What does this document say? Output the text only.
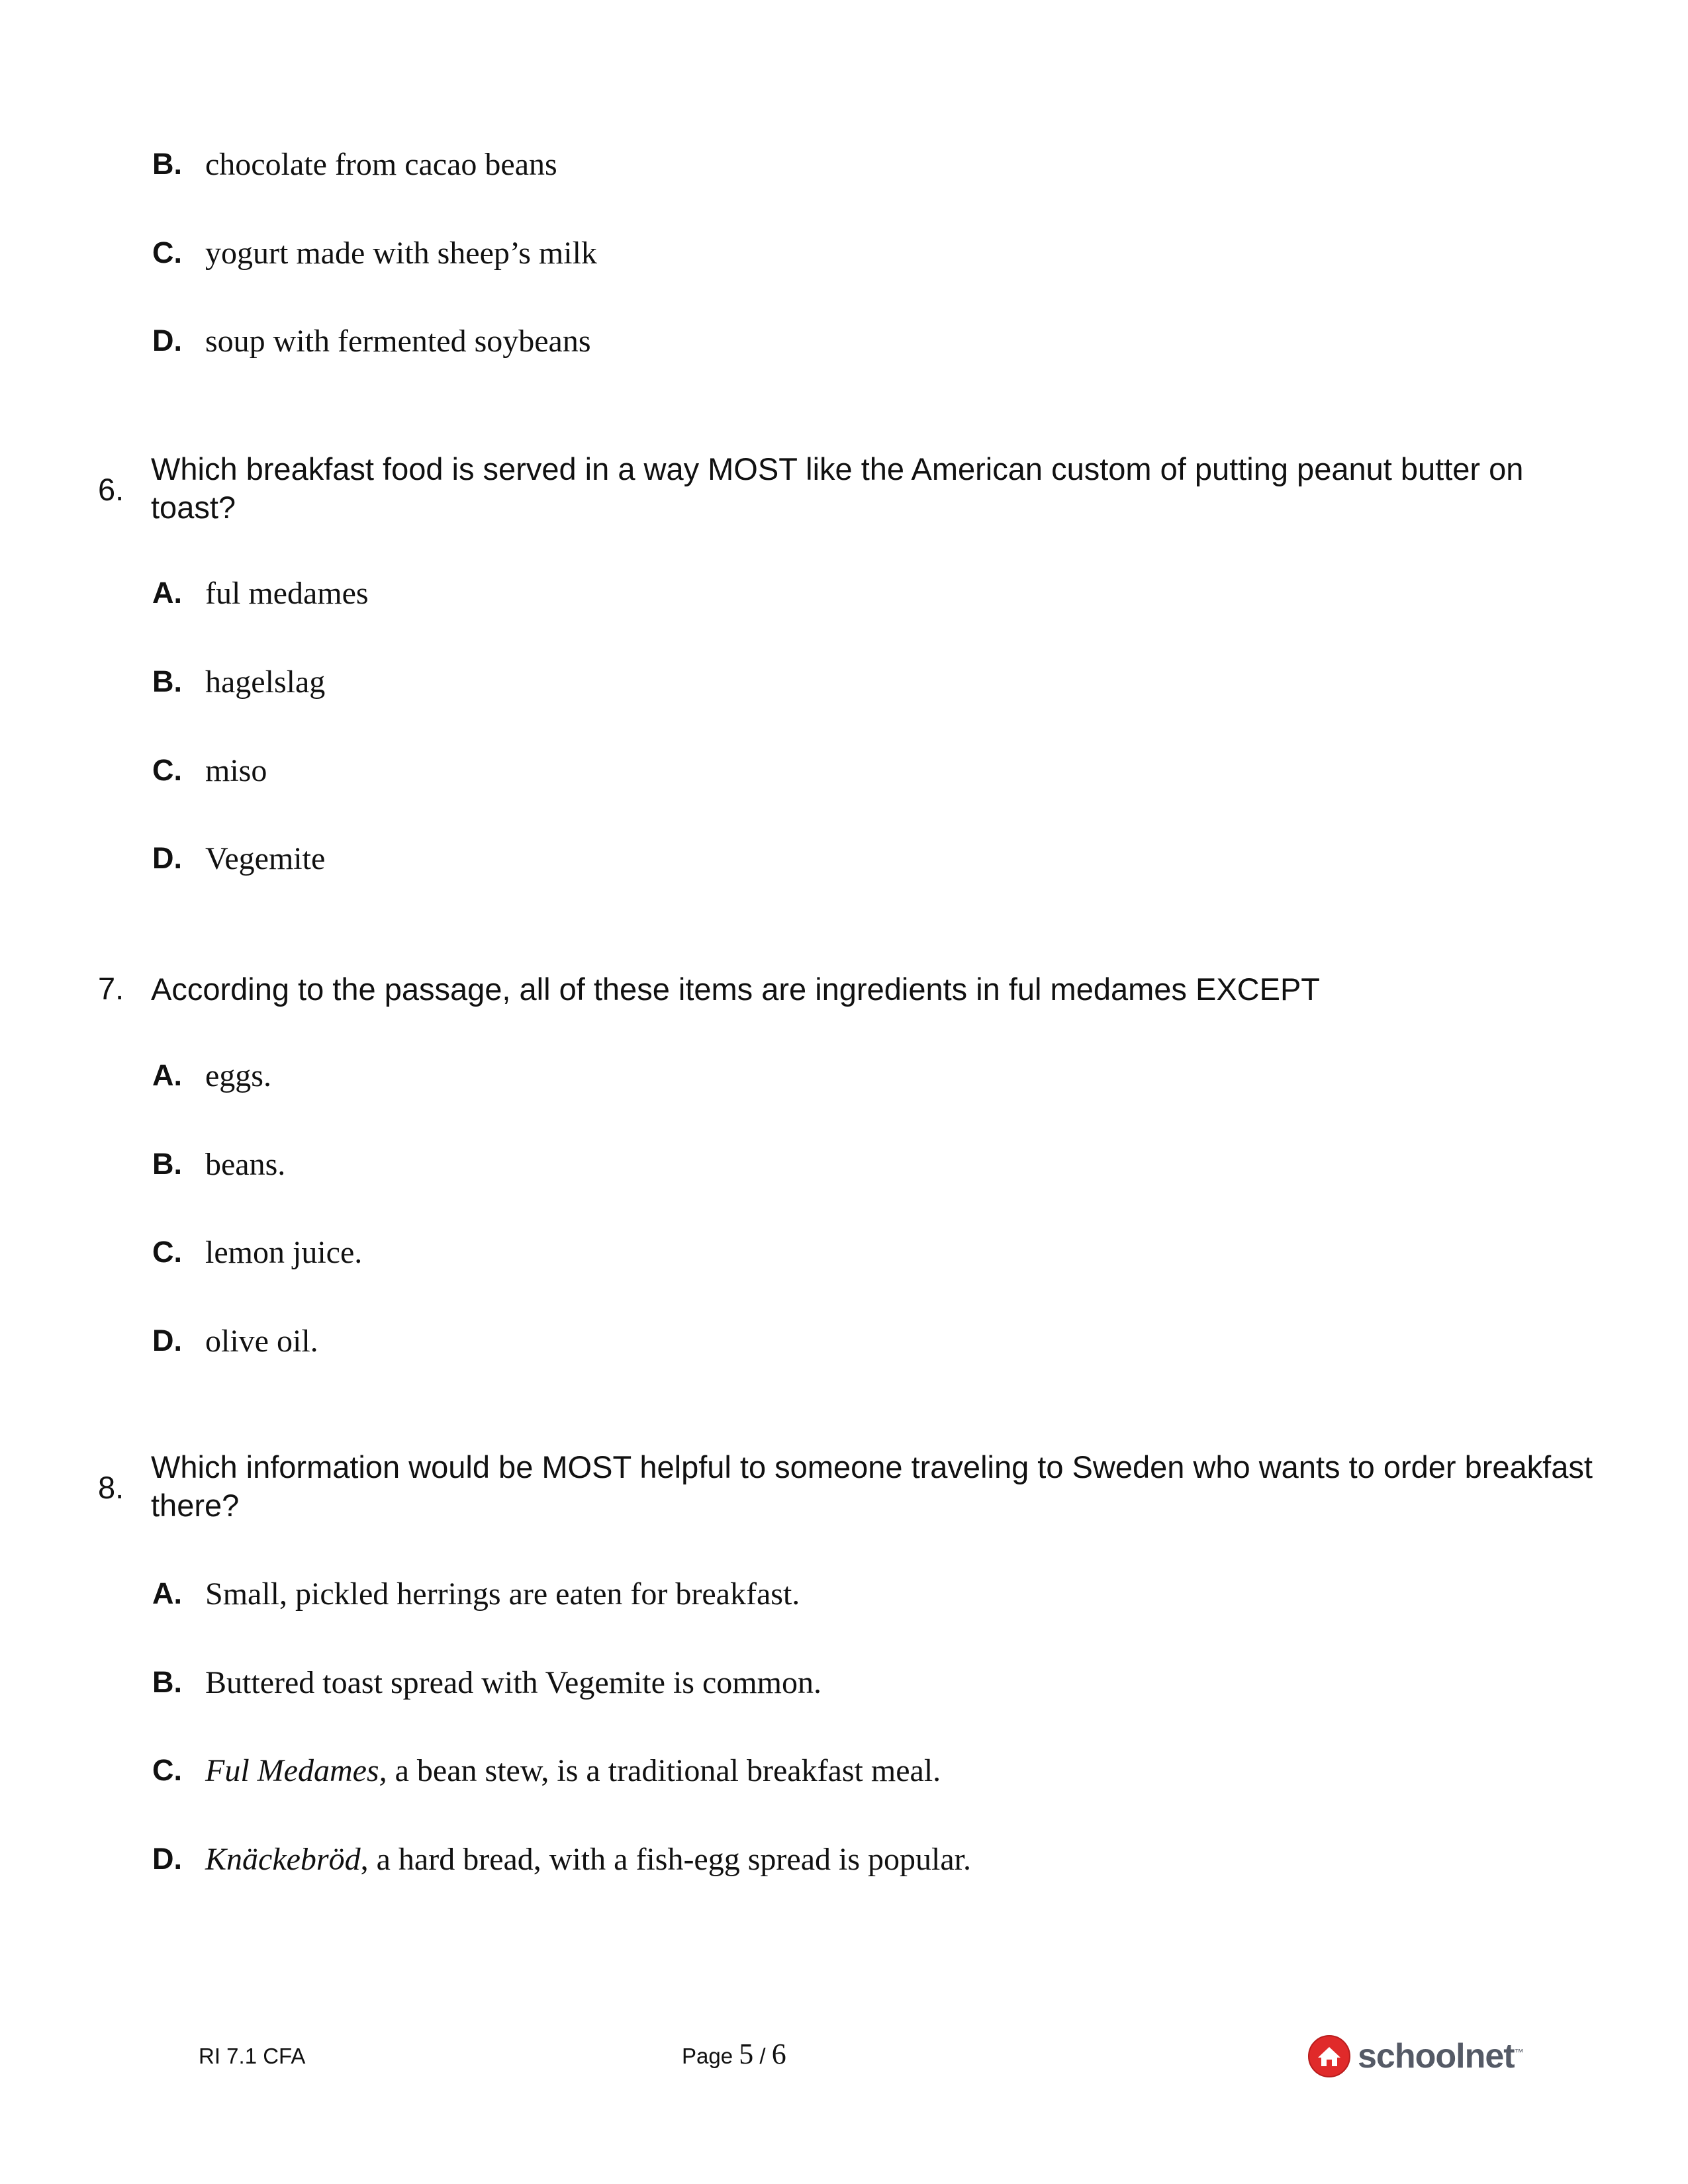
B. chocolate from cacao beans
C. yogurt made with sheep’s milk
D. soup with fermented soybeans
6.
Which breakfast food is served in a way MOST like the American custom of putting peanut butter on toast?
A. ful medames
B. hagelslag
C. miso
D. Vegemite
7. According to the passage, all of these items are ingredients in ful medames EXCEPT
A. eggs.
B. beans.
C. lemon juice.
D. olive oil.
8.
Which information would be MOST helpful to someone traveling to Sweden who wants to order breakfast there?
A. Small, pickled herrings are eaten for breakfast.
B. Buttered toast spread with Vegemite is common.
C. Ful Medames, a bean stew, is a traditional breakfast meal.
D. Knäckebröd, a hard bread, with a fish-egg spread is popular.
RI 7.1 CFA	Page 5 / 6	schoolnet™
